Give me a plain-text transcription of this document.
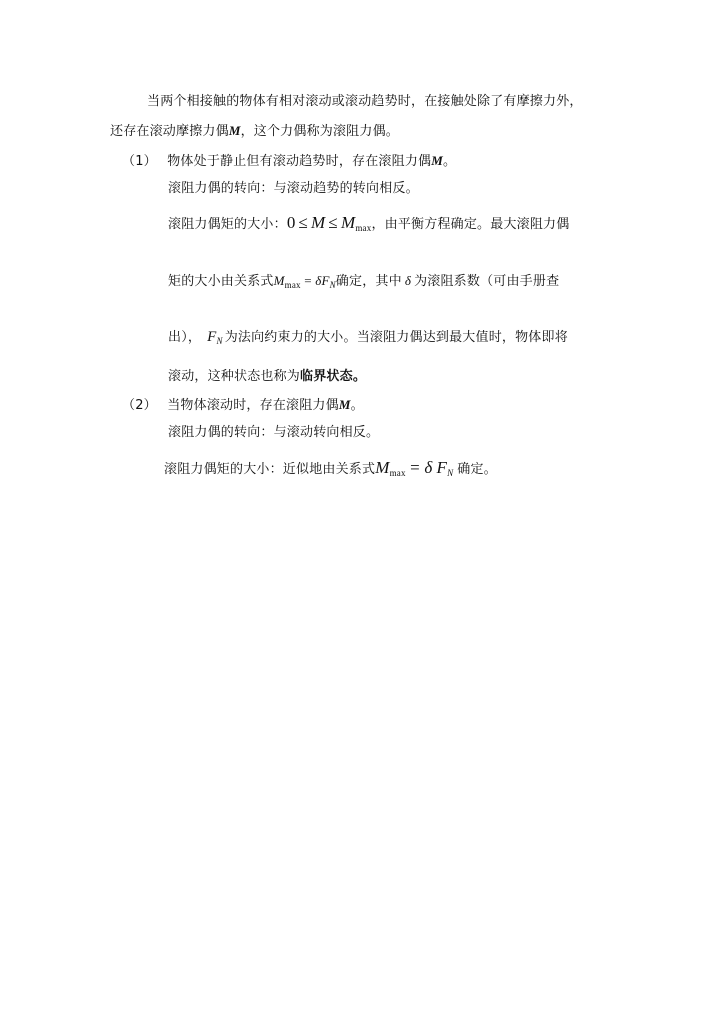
当两个相接触的物体有相对滚动或滚动趋势时，在接触处除了有摩擦力外，
还存在滚动摩擦力偶M，这个力偶称为滚阻力偶。
（1） 物体处于静止但有滚动趋势时，存在滚阻力偶M。
滚阻力偶的转向：与滚动趋势的转向相反。
滚阻力偶矩的大小：$0 \le M \le M_{max}$，由平衡方程确定。最大滚阻力偶
矩的大小由关系式$M_{max} = \delta F_N$确定，其中 δ 为滚阻系数（可由手册查
出）， $F_N$ 为法向约束力的大小。当滚阻力偶达到最大值时，物体即将
滚动，这种状态也称为临界状态。
（2） 当物体滚动时，存在滚阻力偶M。
滚阻力偶的转向：与滚动转向相反。
滚阻力偶矩的大小：近似地由关系式$M_{max} = \delta$ $F_N$ 确定。
